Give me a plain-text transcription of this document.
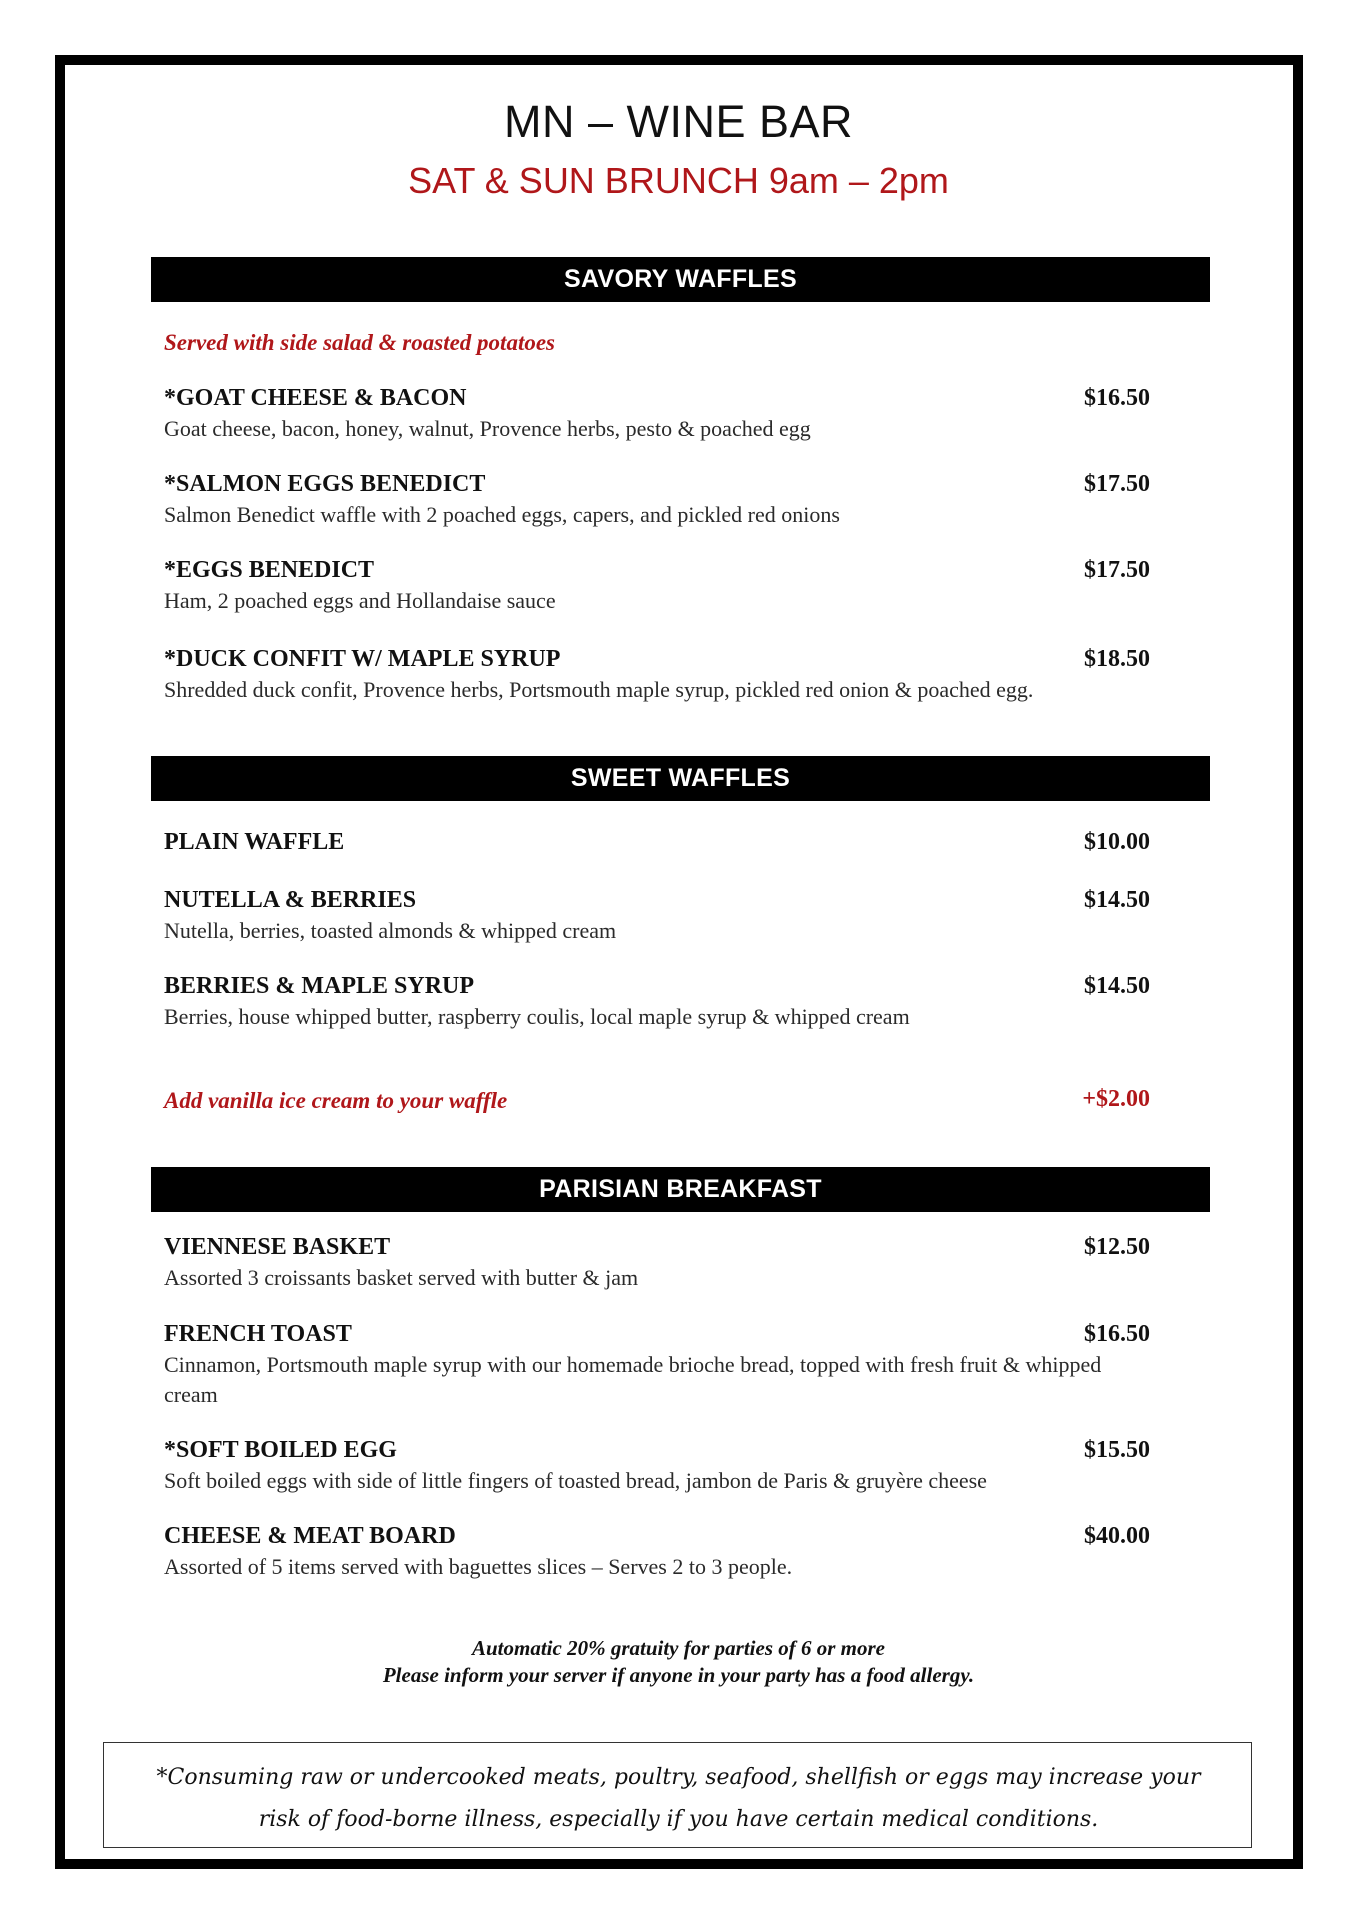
MN – WINE BAR
SAT & SUN BRUNCH 9am – 2pm
SAVORY WAFFLES
Served with side salad & roasted potatoes
*GOAT CHEESE & BACON	$16.50
Goat cheese, bacon, honey, walnut, Provence herbs, pesto & poached egg
*SALMON EGGS BENEDICT	$17.50
Salmon Benedict waffle with 2 poached eggs, capers, and pickled red onions
*EGGS BENEDICT	$17.50
Ham, 2 poached eggs and Hollandaise sauce
*DUCK CONFIT W/ MAPLE SYRUP	$18.50
Shredded duck confit, Provence herbs, Portsmouth maple syrup, pickled red onion & poached egg.
SWEET WAFFLES
PLAIN WAFFLE	$10.00
NUTELLA & BERRIES	$14.50
Nutella, berries, toasted almonds & whipped cream
BERRIES & MAPLE SYRUP	$14.50
Berries, house whipped butter, raspberry coulis, local maple syrup & whipped cream
Add vanilla ice cream to your waffle	+$2.00
PARISIAN BREAKFAST
VIENNESE BASKET	$12.50
Assorted 3 croissants basket served with butter & jam
FRENCH TOAST	$16.50
Cinnamon, Portsmouth maple syrup with our homemade brioche bread, topped with fresh fruit & whipped cream
*SOFT BOILED EGG	$15.50
Soft boiled eggs with side of little fingers of toasted bread, jambon de Paris & gruyère cheese
CHEESE & MEAT BOARD	$40.00
Assorted of 5 items served with baguettes slices – Serves 2 to 3 people.
Automatic 20% gratuity for parties of 6 or more
Please inform your server if anyone in your party has a food allergy.
*Consuming raw or undercooked meats, poultry, seafood, shellfish or eggs may increase your
risk of food-borne illness, especially if you have certain medical conditions.
